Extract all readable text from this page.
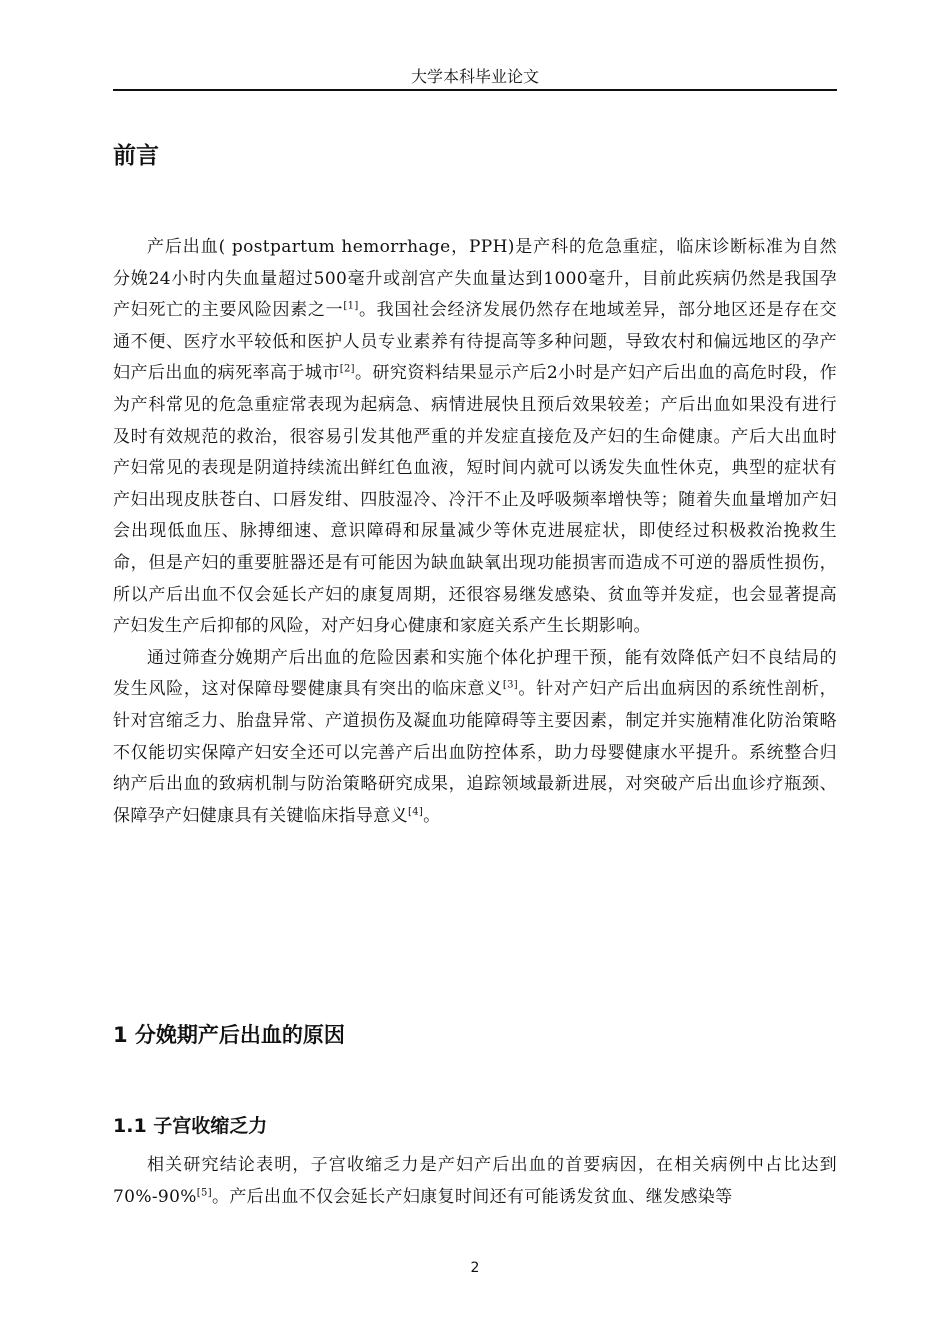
大学本科毕业论文
前言

产后出血( postpartum hemorrhage，PPH)是产科的危急重症，临床诊断标准为自然分娩24小时内失血量超过500毫升或剖宫产失血量达到1000毫升，目前此疾病仍然是我国孕产妇死亡的主要风险因素之一[1]。我国社会经济发展仍然存在地域差异，部分地区还是存在交通不便、医疗水平较低和医护人员专业素养有待提高等多种问题，导致农村和偏远地区的孕产妇产后出血的病死率高于城市[2]。研究资料结果显示产后2小时是产妇产后出血的高危时段，作为产科常见的危急重症常表现为起病急、病情进展快且预后效果较差；产后出血如果没有进行及时有效规范的救治，很容易引发其他严重的并发症直接危及产妇的生命健康。产后大出血时产妇常见的表现是阴道持续流出鲜红色血液，短时间内就可以诱发失血性休克，典型的症状有产妇出现皮肤苍白、口唇发绀、四肢湿冷、冷汗不止及呼吸频率增快等；随着失血量增加产妇会出现低血压、脉搏细速、意识障碍和尿量减少等休克进展症状，即使经过积极救治挽救生命，但是产妇的重要脏器还是有可能因为缺血缺氧出现功能损害而造成不可逆的器质性损伤，所以产后出血不仅会延长产妇的康复周期，还很容易继发感染、贫血等并发症，也会显著提高产妇发生产后抑郁的风险，对产妇身心健康和家庭关系产生长期影响。

通过筛查分娩期产后出血的危险因素和实施个体化护理干预，能有效降低产妇不良结局的发生风险，这对保障母婴健康具有突出的临床意义[3]。针对产妇产后出血病因的系统性剖析，针对宫缩乏力、胎盘异常、产道损伤及凝血功能障碍等主要因素，制定并实施精准化防治策略不仅能切实保障产妇安全还可以完善产后出血防控体系，助力母婴健康水平提升。系统整合归纳产后出血的致病机制与防治策略研究成果，追踪领域最新进展，对突破产后出血诊疗瓶颈、保障孕产妇健康具有关键临床指导意义[4]。

1 分娩期产后出血的原因
1.1 子宫收缩乏力

相关研究结论表明，子宫收缩乏力是产妇产后出血的首要病因，在相关病例中占比达到70%-90%[5]。产后出血不仅会延长产妇康复时间还有可能诱发贫血、继发感染等

2
